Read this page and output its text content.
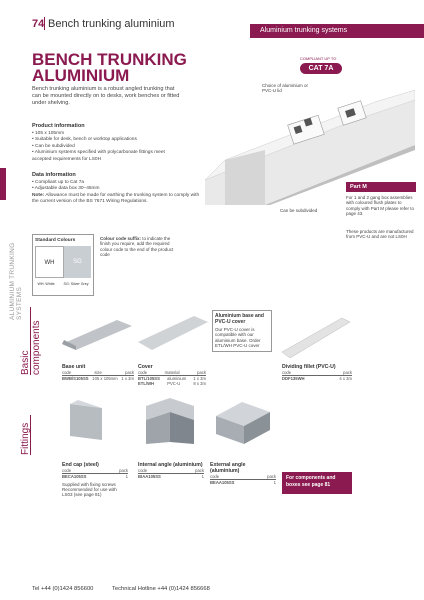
74 Bench trunking aluminium
Aluminium trunking systems
BENCH TRUNKING
ALUMINIUM
COMPLIANT UP TO
CAT 7A
Bench trunking aluminium is a robust angled trunking that can be mounted directly on to desks, work benches or fitted under shelving.
Product information
• 105 x 105mm
• Suitable for desk, bench or worktop applications
• Can be subdivided
• Aluminium systems specified with polycarbonate fittings meet accepted requirements for LS0H
Data information
• Compliant up to Cat 7a
• Adjustable data box 30–45mm
Note: Allowance must be made for earthing the trunking system to comply with the current version of the BS 7671 Wiring Regulations.
ALUMINIUM TRUNKING SYSTEMS
Choice of aluminium or PVC-U lid
Can be subdivided
Part M
For 1 and 2 gang box assemblies with coloured flush plates to comply with Part M please refer to page 43.
These products are manufactured from PVC-U and are not LS0H
Standard Colours
WH	SG
WH: White SG: Silver Grey
Colour code suffix: to indicate the finish you require, add the required colour code to the end of the product code
Basic components
Fittings
Base unit
code	size	pack
BWB/S105SS 105 x 105mm 1 x 3m
Cover
code	material	pack
BTL/105SS aluminium 1 x 3m
ETL/WH	PVC-U	8 x 3m
Aluminium base and PVC-U cover
Our PVC-U cover is compatible with our aluminium base. Order ETL/WH PVC-U cover
Dividing fillet (PVC-U)
code	pack
DDF135WH	4 x 3m
End cap (steel)
code	pack
BECA105SS	1
Supplied with fixing screws Recommended for use with LS03 (see page 81)
Internal angle (aluminium)
code	pack
BIAA105SS	1
External angle (aluminium)
code	pack
BEAA105SS	1
For components and boxes see page 81
Tel +44 (0)1424 856600	Technical Hotline +44 (0)1424 856668
